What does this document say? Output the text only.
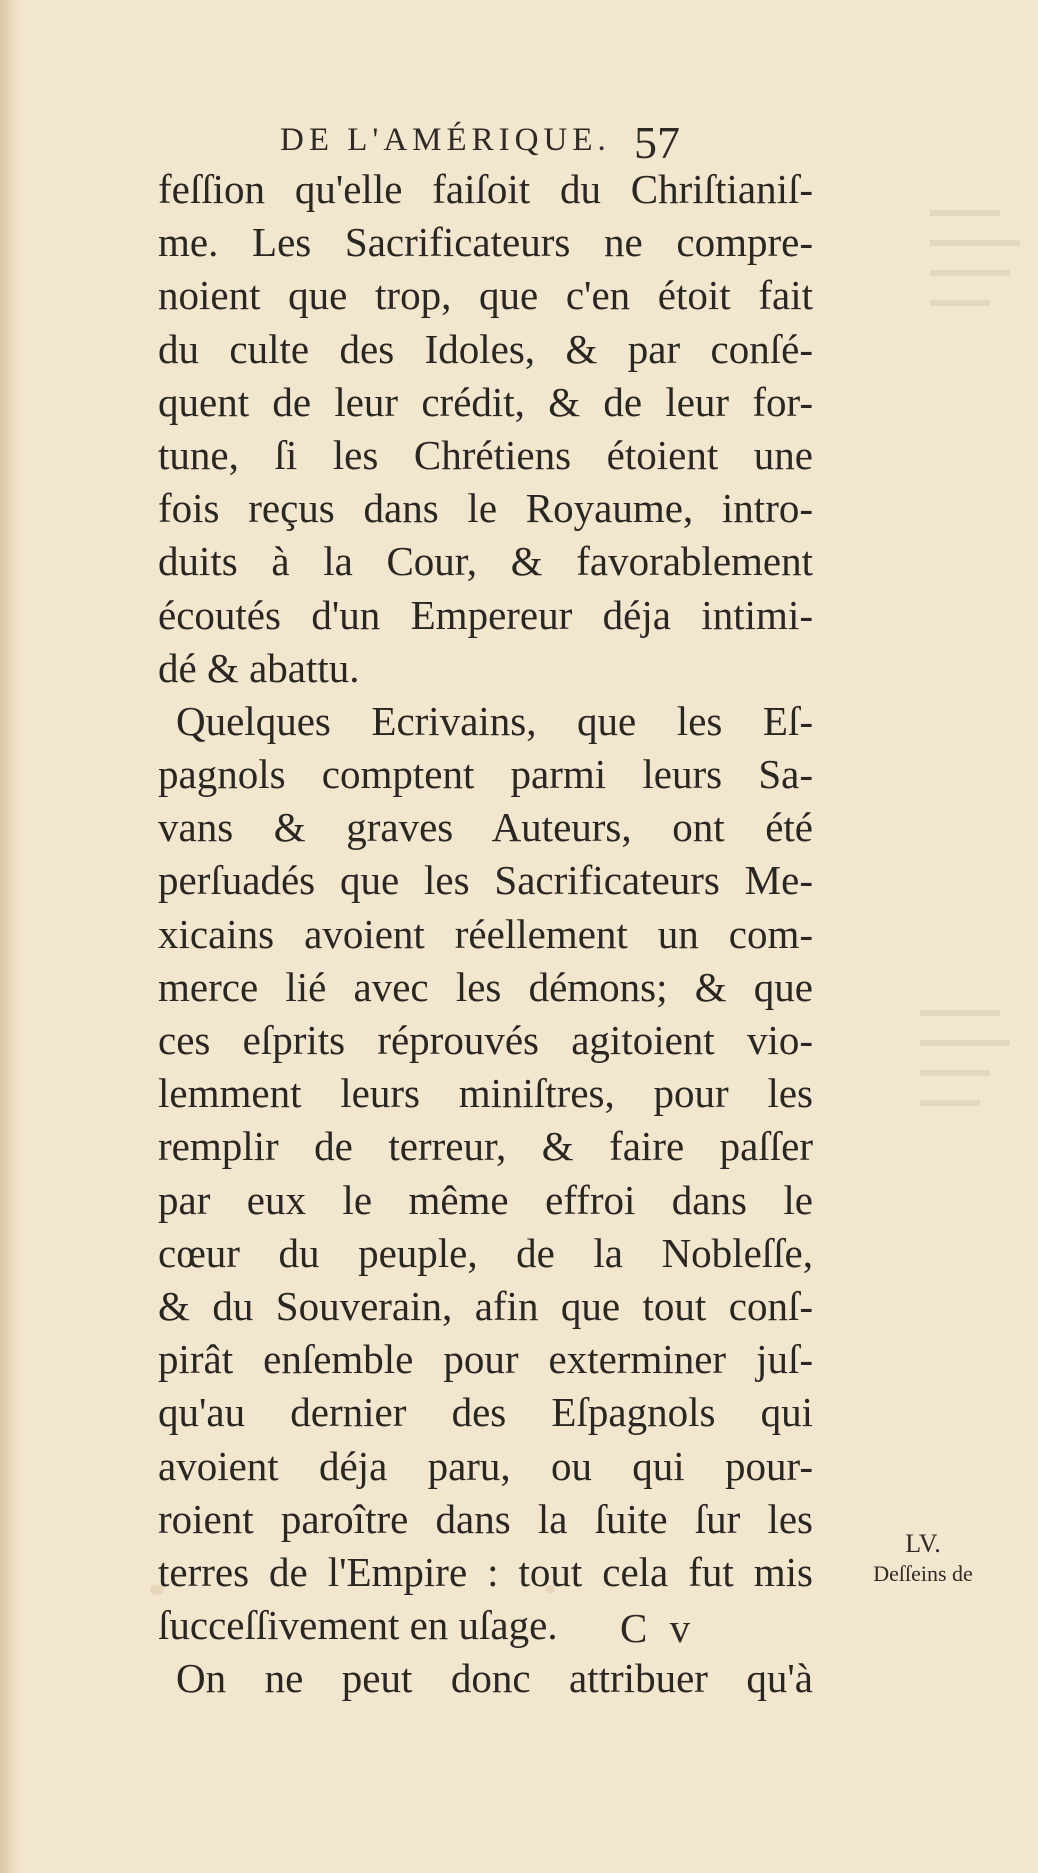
DE L'AMÉRIQUE. 57
feſſion qu'elle faiſoit du Chriſtianiſ-
me. Les Sacrificateurs ne compre-
noient que trop, que c'en étoit fait
du culte des Idoles, & par conſé-
quent de leur crédit, & de leur for-
tune, ſi les Chrétiens étoient une
fois reçus dans le Royaume, intro-
duits à la Cour, & favorablement
écoutés d'un Empereur déja intimi-
dé & abattu.
Quelques Ecrivains, que les Eſ-
pagnols comptent parmi leurs Sa-
vans & graves Auteurs, ont été
perſuadés que les Sacrificateurs Me-
xicains avoient réellement un com-
merce lié avec les démons; & que
ces eſprits réprouvés agitoient vio-
lemment leurs miniſtres, pour les
remplir de terreur, & faire paſſer
par eux le même effroi dans le
cœur du peuple, de la Nobleſſe,
& du Souverain, afin que tout conſ-
pirât enſemble pour exterminer juſ-
qu'au dernier des Eſpagnols qui
avoient déja paru, ou qui pour-
roient paroître dans la ſuite ſur les
terres de l'Empire : tout cela fut mis
ſucceſſivement en uſage.
On ne peut donc attribuer qu'à
LV.
Deſſeins de
C v
